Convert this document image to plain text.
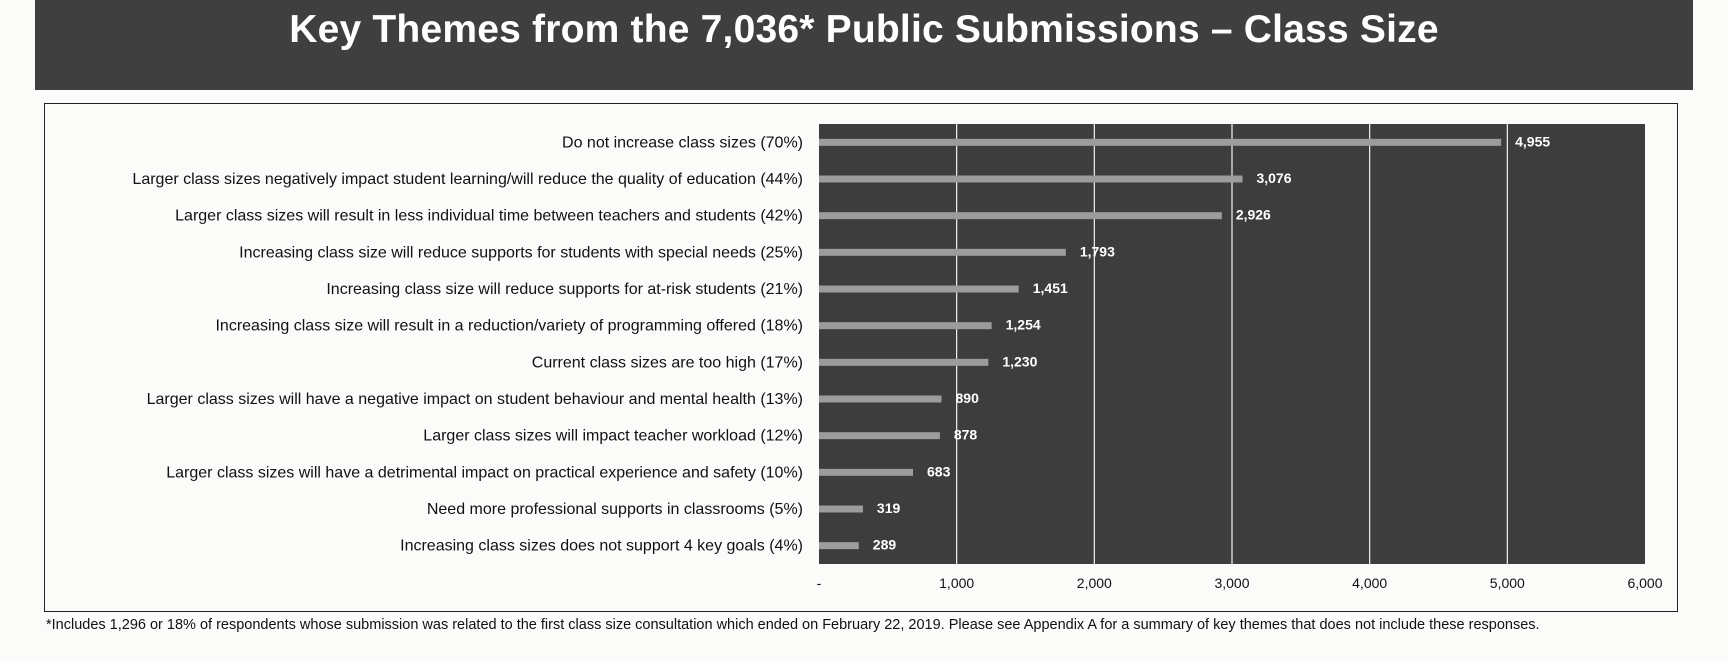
Key Themes from the 7,036* Public Submissions – Class Size
-	1,000	2,000	3,000	4,000	5,000	6,000
Do not increase class sizes (70%)	4,955
Larger class sizes negatively impact student learning/will reduce the quality of education (44%)	3,076
Larger class sizes will result in less individual time between teachers and students (42%)	2,926
Increasing class size will reduce supports for students with special needs (25%)	1,793
Increasing class size will reduce supports for at-risk students (21%)	1,451
Increasing class size will result in a reduction/variety of programming offered (18%)	1,254
Current class sizes are too high (17%)	1,230
Larger class sizes will have a negative impact on student behaviour and mental health (13%)	890
Larger class sizes will impact teacher workload (12%)	878
Larger class sizes will have a detrimental impact on practical experience and safety (10%)	683
Need more professional supports in classrooms (5%)	319
Increasing class sizes does not support 4 key goals (4%)	289
*Includes 1,296 or 18% of respondents whose submission was related to the first class size consultation which ended on February 22, 2019. Please see Appendix A for a summary of key themes that does not include these responses.
